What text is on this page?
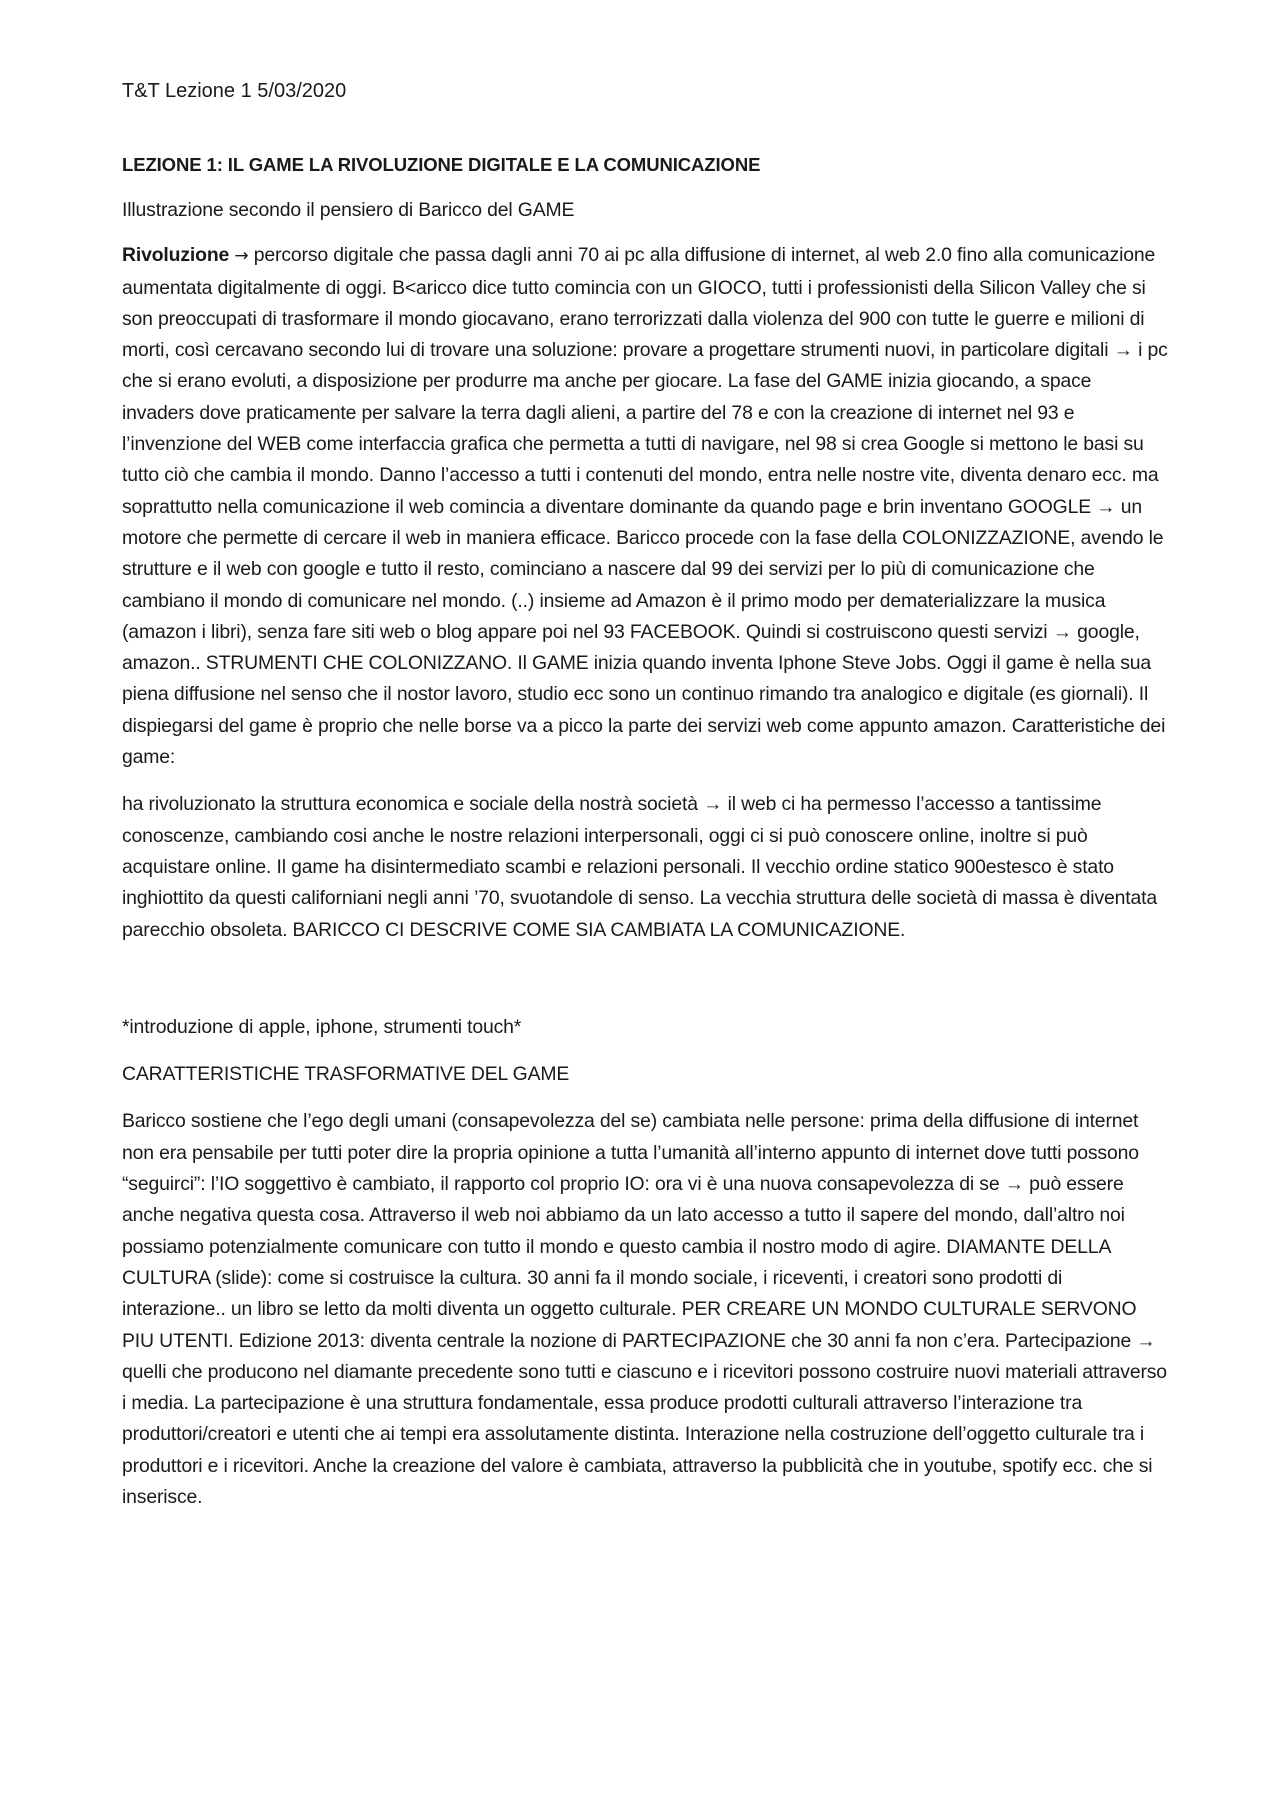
T&T Lezione 1 5/03/2020
LEZIONE 1: IL GAME LA RIVOLUZIONE DIGITALE E LA COMUNICAZIONE
Illustrazione secondo il pensiero di Baricco del GAME
Rivoluzione → percorso digitale che passa dagli anni 70 ai pc alla diffusione di internet, al web 2.0 fino alla comunicazione aumentata digitalmente di oggi. B<aricco dice tutto comincia con un GIOCO, tutti i professionisti della Silicon Valley che si son preoccupati di trasformare il mondo giocavano, erano terrorizzati dalla violenza del 900 con tutte le guerre e milioni di morti, così cercavano secondo lui di trovare una soluzione: provare a progettare strumenti nuovi, in particolare digitali → i pc che si erano evoluti, a disposizione per produrre ma anche per giocare. La fase del GAME inizia giocando, a space invaders dove praticamente per salvare la terra dagli alieni, a partire del 78 e con la creazione di internet nel 93 e l’invenzione del WEB come interfaccia grafica che permetta a tutti di navigare, nel 98 si crea Google si mettono le basi su tutto ciò che cambia il mondo. Danno l’accesso a tutti i contenuti del mondo, entra nelle nostre vite, diventa denaro ecc. ma soprattutto nella comunicazione il web comincia a diventare dominante da quando page e brin inventano GOOGLE → un motore che permette di cercare il web in maniera efficace. Baricco procede con la fase della COLONIZZAZIONE, avendo le strutture e il web con google e tutto il resto, cominciano a nascere dal 99 dei servizi per lo più di comunicazione che cambiano il mondo di comunicare nel mondo. (..) insieme ad Amazon è il primo modo per dematerializzare la musica (amazon i libri), senza fare siti web o blog appare poi nel 93 FACEBOOK. Quindi si costruiscono questi servizi → google, amazon.. STRUMENTI CHE COLONIZZANO. Il GAME inizia quando inventa Iphone Steve Jobs. Oggi il game è nella sua piena diffusione nel senso che il nostor lavoro, studio ecc sono un continuo rimando tra analogico e digitale (es giornali). Il dispiegarsi del game è proprio che nelle borse va a picco la parte dei servizi web come appunto amazon. Caratteristiche dei game:
ha rivoluzionato la struttura economica e sociale della nostrà società → il web ci ha permesso l’accesso a tantissime conoscenze, cambiando cosi anche le nostre relazioni interpersonali, oggi ci si può conoscere online, inoltre si può acquistare online. Il game ha disintermediato scambi e relazioni personali. Il vecchio ordine statico 900estesco è stato inghiottito da questi californiani negli anni ’70, svuotandole di senso. La vecchia struttura delle società di massa è diventata parecchio obsoleta. BARICCO CI DESCRIVE COME SIA CAMBIATA LA COMUNICAZIONE.
*introduzione di apple, iphone, strumenti touch*
CARATTERISTICHE TRASFORMATIVE DEL GAME
Baricco sostiene che l’ego degli umani (consapevolezza del se) cambiata nelle persone: prima della diffusione di internet non era pensabile per tutti poter dire la propria opinione a tutta l’umanità all’interno appunto di internet dove tutti possono “seguirci”: l’IO soggettivo è cambiato, il rapporto col proprio IO: ora vi è una nuova consapevolezza di se → può essere anche negativa questa cosa. Attraverso il web noi abbiamo da un lato accesso a tutto il sapere del mondo, dall’altro noi possiamo potenzialmente comunicare con tutto il mondo e questo cambia il nostro modo di agire. DIAMANTE DELLA CULTURA (slide): come si costruisce la cultura. 30 anni fa il mondo sociale, i riceventi, i creatori sono prodotti di interazione.. un libro se letto da molti diventa un oggetto culturale. PER CREARE UN MONDO CULTURALE SERVONO PIU UTENTI. Edizione 2013: diventa centrale la nozione di PARTECIPAZIONE che 30 anni fa non c’era. Partecipazione → quelli che producono nel diamante precedente sono tutti e ciascuno e i ricevitori possono costruire nuovi materiali attraverso i media. La partecipazione è una struttura fondamentale, essa produce prodotti culturali attraverso l’interazione tra produttori/creatori e utenti che ai tempi era assolutamente distinta. Interazione nella costruzione dell’oggetto culturale tra i produttori e i ricevitori. Anche la creazione del valore è cambiata, attraverso la pubblicità che in youtube, spotify ecc. che si inserisce.
